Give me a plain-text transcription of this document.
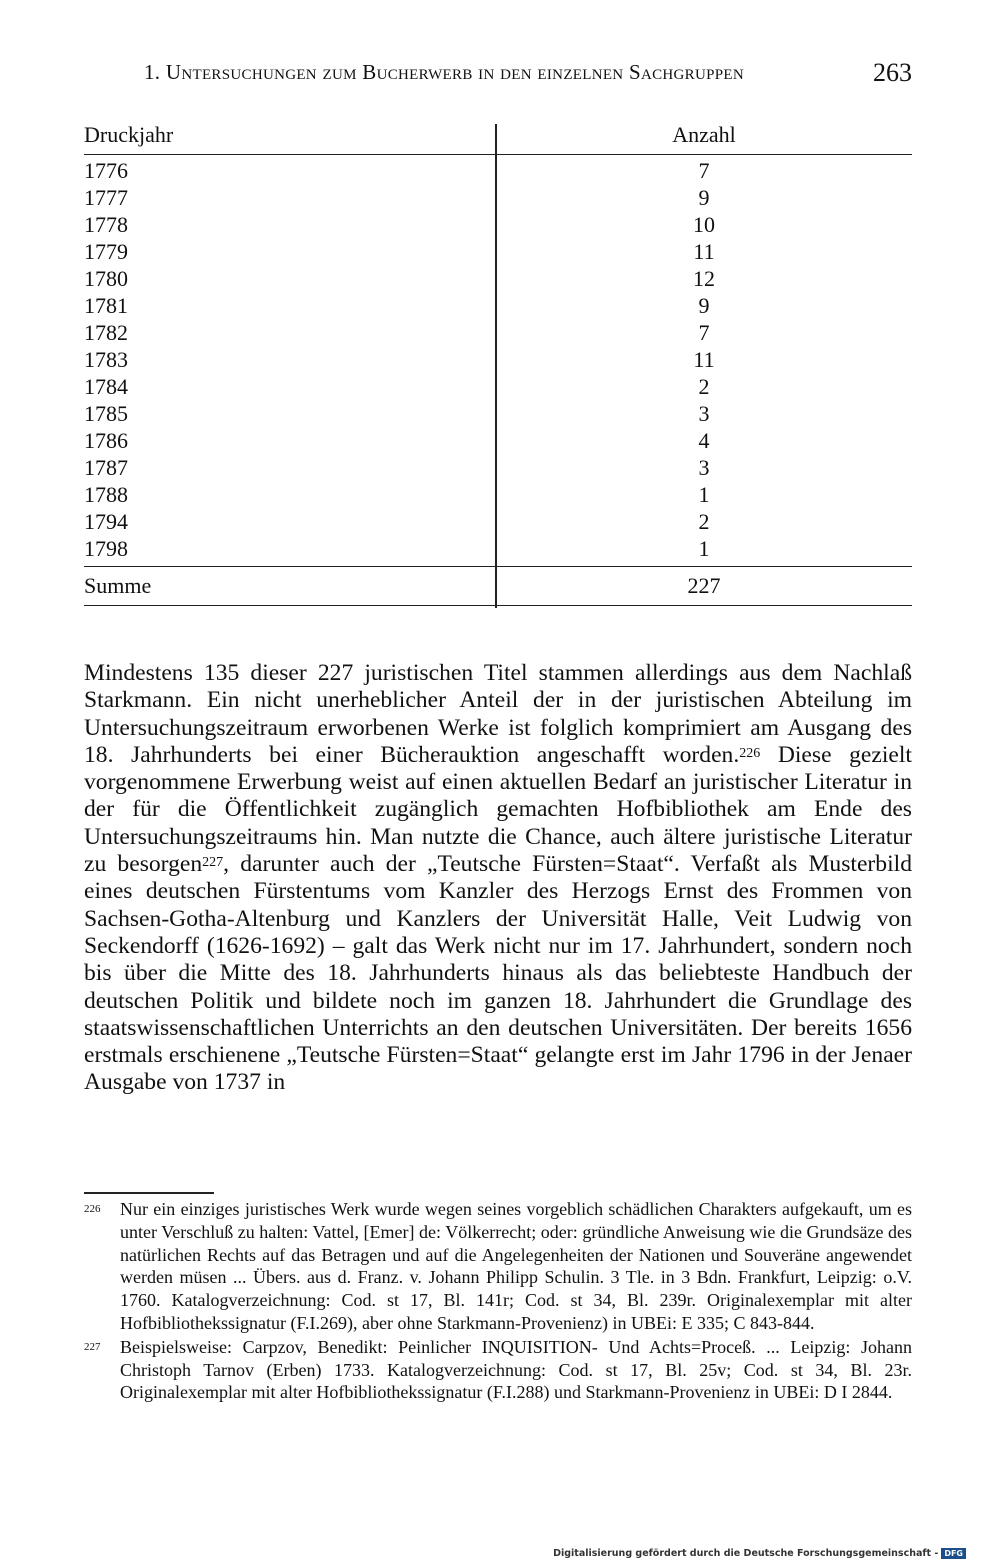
1. Untersuchungen zum Bucherwerb in den einzelnen Sachgruppen	263
Druckjahr	Anzahl
1776	7
1777	9
1778	10
1779	11
1780	12
1781	9
1782	7
1783	11
1784	2
1785	3
1786	4
1787	3
1788	1
1794	2
1798	1
Summe	227

Mindestens 135 dieser 227 juristischen Titel stammen allerdings aus dem Nachlaß Starkmann. Ein nicht unerheblicher Anteil der in der juristischen Abteilung im Untersuchungszeitraum erworbenen Werke ist folglich komprimiert am Ausgang des 18. Jahrhunderts bei einer Bücherauktion angeschafft worden.$^{226}$ Diese gezielt vorgenommene Erwerbung weist auf einen aktuellen Bedarf an juristischer Literatur in der für die Öffentlichkeit zugänglich gemachten Hofbibliothek am Ende des Untersuchungszeitraums hin. Man nutzte die Chance, auch ältere juristische Literatur zu besorgen$^{227}$, darunter auch der „Teutsche Fürsten=Staat“. Verfaßt als Musterbild eines deutschen Fürstentums vom Kanzler des Herzogs Ernst des Frommen von Sachsen-Gotha-Altenburg und Kanzlers der Universität Halle, Veit Ludwig von Seckendorff (1626-1692) – galt das Werk nicht nur im 17. Jahrhundert, sondern noch bis über die Mitte des 18. Jahrhunderts hinaus als das beliebteste Handbuch der deutschen Politik und bildete noch im ganzen 18. Jahrhundert die Grundlage des staatswissenschaftlichen Unterrichts an den deutschen Universitäten. Der bereits 1656 erstmals erschienene „Teutsche Fürsten=Staat“ gelangte erst im Jahr 1796 in der Jenaer Ausgabe von 1737 in

226 Nur ein einziges juristisches Werk wurde wegen seines vorgeblich schädlichen Charakters aufgekauft, um es unter Verschluß zu halten: Vattel, [Emer] de: Völkerrecht; oder: gründliche Anweisung wie die Grundsäze des natürlichen Rechts auf das Betragen und auf die Angelegenheiten der Nationen und Souveräne angewendet werden müsen ... Übers. aus d. Franz. v. Johann Philipp Schulin. 3 Tle. in 3 Bdn. Frankfurt, Leipzig: o.V. 1760. Katalogverzeichnung: Cod. st 17, Bl. 141r; Cod. st 34, Bl. 239r. Originalexemplar mit alter Hofbibliothekssignatur (F.I.269), aber ohne Starkmann-Provenienz) in UBEi: E 335; C 843-844.

227 Beispielsweise: Carpzov, Benedikt: Peinlicher INQUISITION- Und Achts=Proceß. ... Leipzig: Johann Christoph Tarnov (Erben) 1733. Katalogverzeichnung: Cod. st 17, Bl. 25v; Cod. st 34, Bl. 23r. Originalexemplar mit alter Hofbibliothekssignatur (F.I.288) und Starkmann-Provenienz in UBEi: D I 2844.

Digitalisierung gefördert durch die Deutsche Forschungsgemeinschaft - DFG
